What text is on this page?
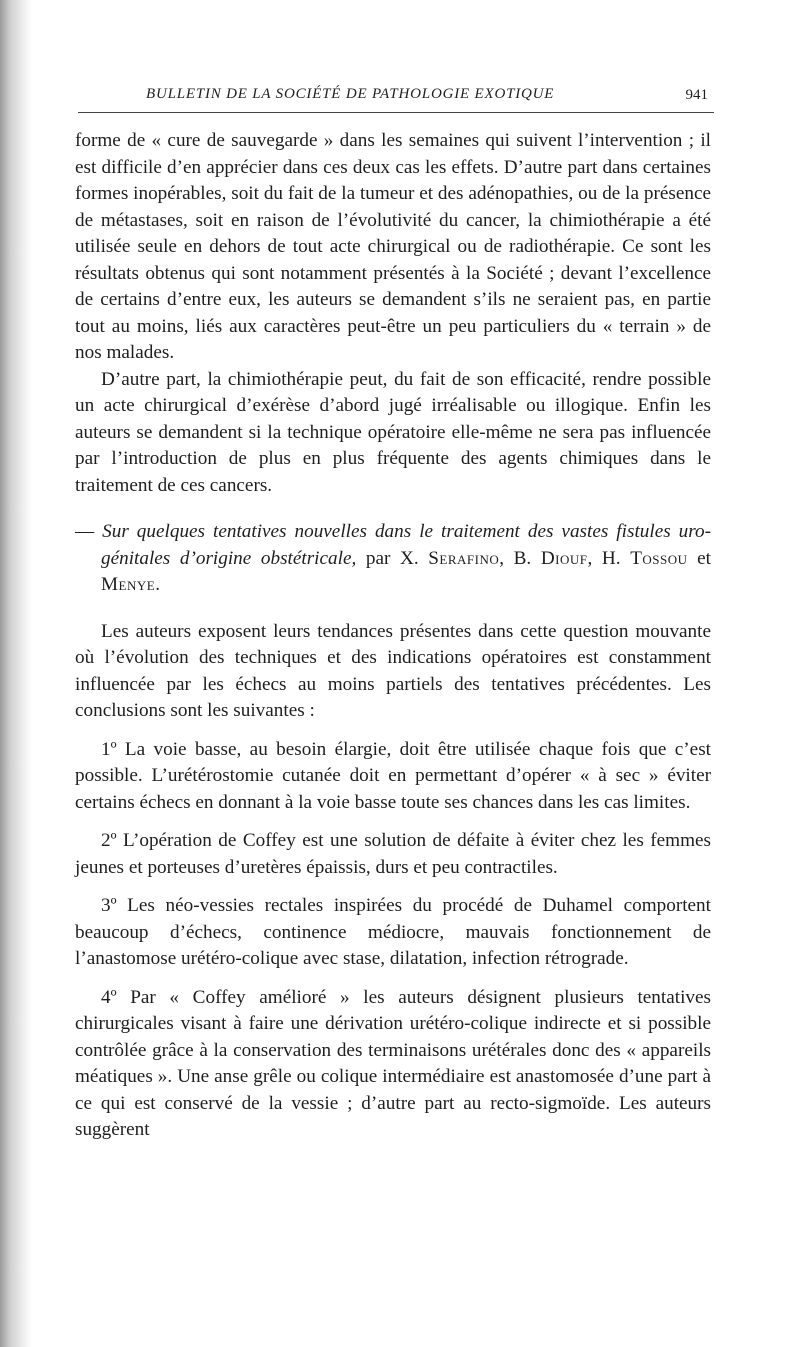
BULLETIN DE LA SOCIÉTÉ DE PATHOLOGIE EXOTIQUE	941

forme de « cure de sauvegarde » dans les semaines qui suivent l’intervention ; il est difficile d’en apprécier dans ces deux cas les effets. D’autre part dans certaines formes inopérables, soit du fait de la tumeur et des adénopathies, ou de la présence de métastases, soit en raison de l’évolutivité du cancer, la chimiothérapie a été utilisée seule en dehors de tout acte chirurgical ou de radiothérapie. Ce sont les résultats obtenus qui sont notamment présentés à la Société ; devant l’excellence de certains d’entre eux, les auteurs se demandent s’ils ne seraient pas, en partie tout au moins, liés aux caractères peut-être un peu particuliers du « terrain » de nos malades.

D’autre part, la chimiothérapie peut, du fait de son efficacité, rendre possible un acte chirurgical d’exérèse d’abord jugé irréalisable ou illogique. Enfin les auteurs se demandent si la technique opératoire elle-même ne sera pas influencée par l’introduction de plus en plus fréquente des agents chimiques dans le traitement de ces cancers.

— Sur quelques tentatives nouvelles dans le traitement des vastes fistules uro-génitales d’origine obstétricale, par X. Serafino, B. Diouf, H. Tossou et Menye.

Les auteurs exposent leurs tendances présentes dans cette question mouvante où l’évolution des techniques et des indications opératoires est constamment influencée par les échecs au moins partiels des tentatives précédentes. Les conclusions sont les suivantes :

1º La voie basse, au besoin élargie, doit être utilisée chaque fois que c’est possible. L’urétérostomie cutanée doit en permettant d’opérer « à sec » éviter certains échecs en donnant à la voie basse toute ses chances dans les cas limites.

2º L’opération de Coffey est une solution de défaite à éviter chez les femmes jeunes et porteuses d’uretères épaissis, durs et peu contractiles.

3º Les néo-vessies rectales inspirées du procédé de Duhamel comportent beaucoup d’échecs, continence médiocre, mauvais fonctionnement de l’anastomose urétéro-colique avec stase, dilatation, infection rétrograde.

4º Par « Coffey amélioré » les auteurs désignent plusieurs tentatives chirurgicales visant à faire une dérivation urétéro-colique indirecte et si possible contrôlée grâce à la conservation des terminaisons urétérales donc des « appareils méatiques ». Une anse grêle ou colique intermédiaire est anastomosée d’une part à ce qui est conservé de la vessie ; d’autre part au recto-sigmoïde. Les auteurs suggèrent
